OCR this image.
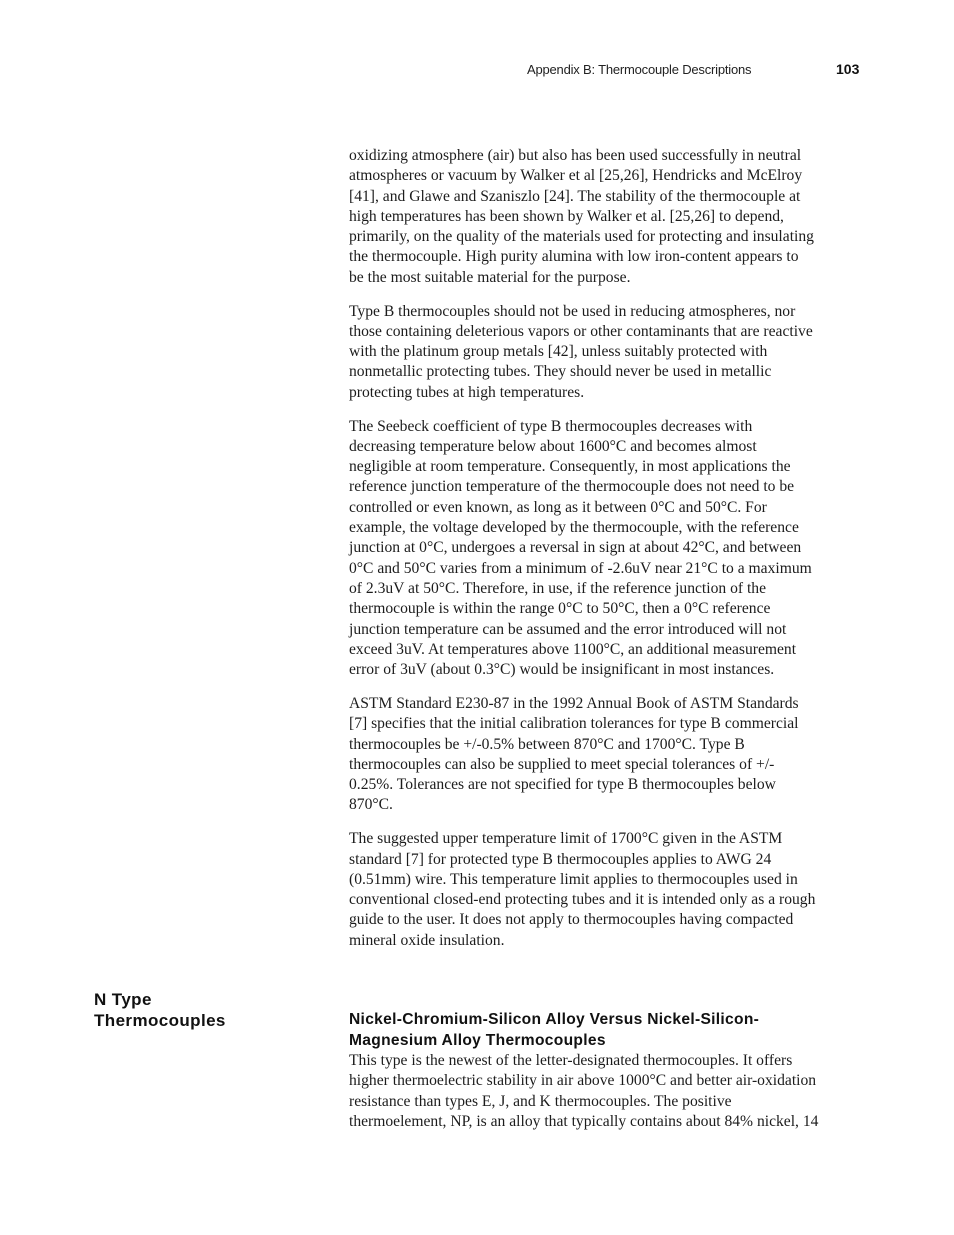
Appendix B: Thermocouple Descriptions	103

oxidizing atmosphere (air) but also has been used successfully in neutral
atmospheres or vacuum by Walker et al [25,26], Hendricks and McElroy
[41], and Glawe and Szaniszlo [24]. The stability of the thermocouple at
high temperatures has been shown by Walker et al. [25,26] to depend,
primarily, on the quality of the materials used for protecting and insulating
the thermocouple. High purity alumina with low iron-content appears to
be the most suitable material for the purpose.

Type B thermocouples should not be used in reducing atmospheres, nor
those containing deleterious vapors or other contaminants that are reactive
with the platinum group metals [42], unless suitably protected with
nonmetallic protecting tubes. They should never be used in metallic
protecting tubes at high temperatures.

The Seebeck coefficient of type B thermocouples decreases with
decreasing temperature below about 1600°C and becomes almost
negligible at room temperature. Consequently, in most applications the
reference junction temperature of the thermocouple does not need to be
controlled or even known, as long as it between 0°C and 50°C. For
example, the voltage developed by the thermocouple, with the reference
junction at 0°C, undergoes a reversal in sign at about 42°C, and between
0°C and 50°C varies from a minimum of -2.6uV near 21°C to a maximum
of 2.3uV at 50°C. Therefore, in use, if the reference junction of the
thermocouple is within the range 0°C to 50°C, then a 0°C reference
junction temperature can be assumed and the error introduced will not
exceed 3uV. At temperatures above 1100°C, an additional measurement
error of 3uV (about 0.3°C) would be insignificant in most instances.

ASTM Standard E230-87 in the 1992 Annual Book of ASTM Standards
[7] specifies that the initial calibration tolerances for type B commercial
thermocouples be +/-0.5% between 870°C and 1700°C. Type B
thermocouples can also be supplied to meet special tolerances of +/-
0.25%. Tolerances are not specified for type B thermocouples below
870°C.

The suggested upper temperature limit of 1700°C given in the ASTM
standard [7] for protected type B thermocouples applies to AWG 24
(0.51mm) wire. This temperature limit applies to thermocouples used in
conventional closed-end protecting tubes and it is intended only as a rough
guide to the user. It does not apply to thermocouples having compacted
mineral oxide insulation.

N Type
Thermocouples	Nickel-Chromium-Silicon Alloy Versus Nickel-Silicon-
Magnesium Alloy Thermocouples

This type is the newest of the letter-designated thermocouples. It offers
higher thermoelectric stability in air above 1000°C and better air-oxidation
resistance than types E, J, and K thermocouples. The positive
thermoelement, NP, is an alloy that typically contains about 84% nickel, 14
